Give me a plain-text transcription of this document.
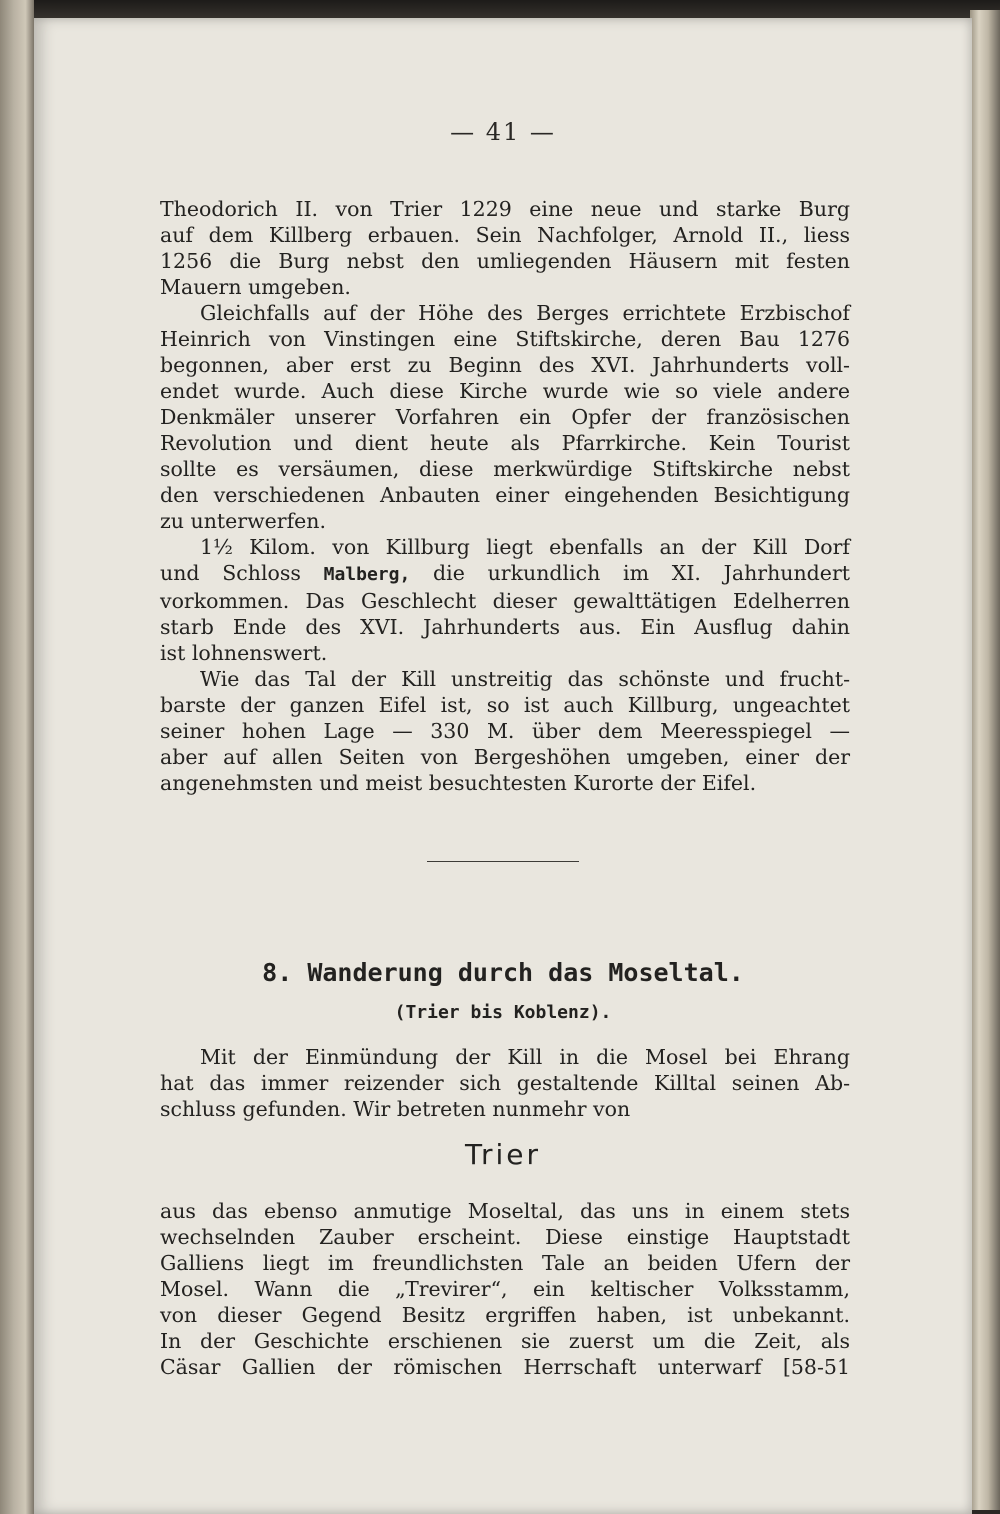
— 41 —
Theodorich II. von Trier 1229 eine neue und starke Burg
auf dem Killberg erbauen. Sein Nachfolger, Arnold II., liess
1256 die Burg nebst den umliegenden Häusern mit festen
Mauern umgeben.
Gleichfalls auf der Höhe des Berges errichtete Erzbischof
Heinrich von Vinstingen eine Stiftskirche, deren Bau 1276
begonnen, aber erst zu Beginn des XVI. Jahrhunderts voll-
endet wurde. Auch diese Kirche wurde wie so viele andere
Denkmäler unserer Vorfahren ein Opfer der französischen
Revolution und dient heute als Pfarrkirche. Kein Tourist
sollte es versäumen, diese merkwürdige Stiftskirche nebst
den verschiedenen Anbauten einer eingehenden Besichtigung
zu unterwerfen.
1½ Kilom. von Killburg liegt ebenfalls an der Kill Dorf
und Schloss Malberg, die urkundlich im XI. Jahrhundert
vorkommen. Das Geschlecht dieser gewalttätigen Edelherren
starb Ende des XVI. Jahrhunderts aus. Ein Ausflug dahin
ist lohnenswert.
Wie das Tal der Kill unstreitig das schönste und frucht-
barste der ganzen Eifel ist, so ist auch Killburg, ungeachtet
seiner hohen Lage — 330 M. über dem Meeresspiegel —
aber auf allen Seiten von Bergeshöhen umgeben, einer der
angenehmsten und meist besuchtesten Kurorte der Eifel.
8. Wanderung durch das Moseltal.
(Trier bis Koblenz).
Mit der Einmündung der Kill in die Mosel bei Ehrang
hat das immer reizender sich gestaltende Killtal seinen Ab-
schluss gefunden. Wir betreten nunmehr von
Trier
aus das ebenso anmutige Moseltal, das uns in einem stets
wechselnden Zauber erscheint. Diese einstige Hauptstadt
Galliens liegt im freundlichsten Tale an beiden Ufern der
Mosel. Wann die „Trevirer“, ein keltischer Volksstamm,
von dieser Gegend Besitz ergriffen haben, ist unbekannt.
In der Geschichte erschienen sie zuerst um die Zeit, als
Cäsar Gallien der römischen Herrschaft unterwarf [58-51
